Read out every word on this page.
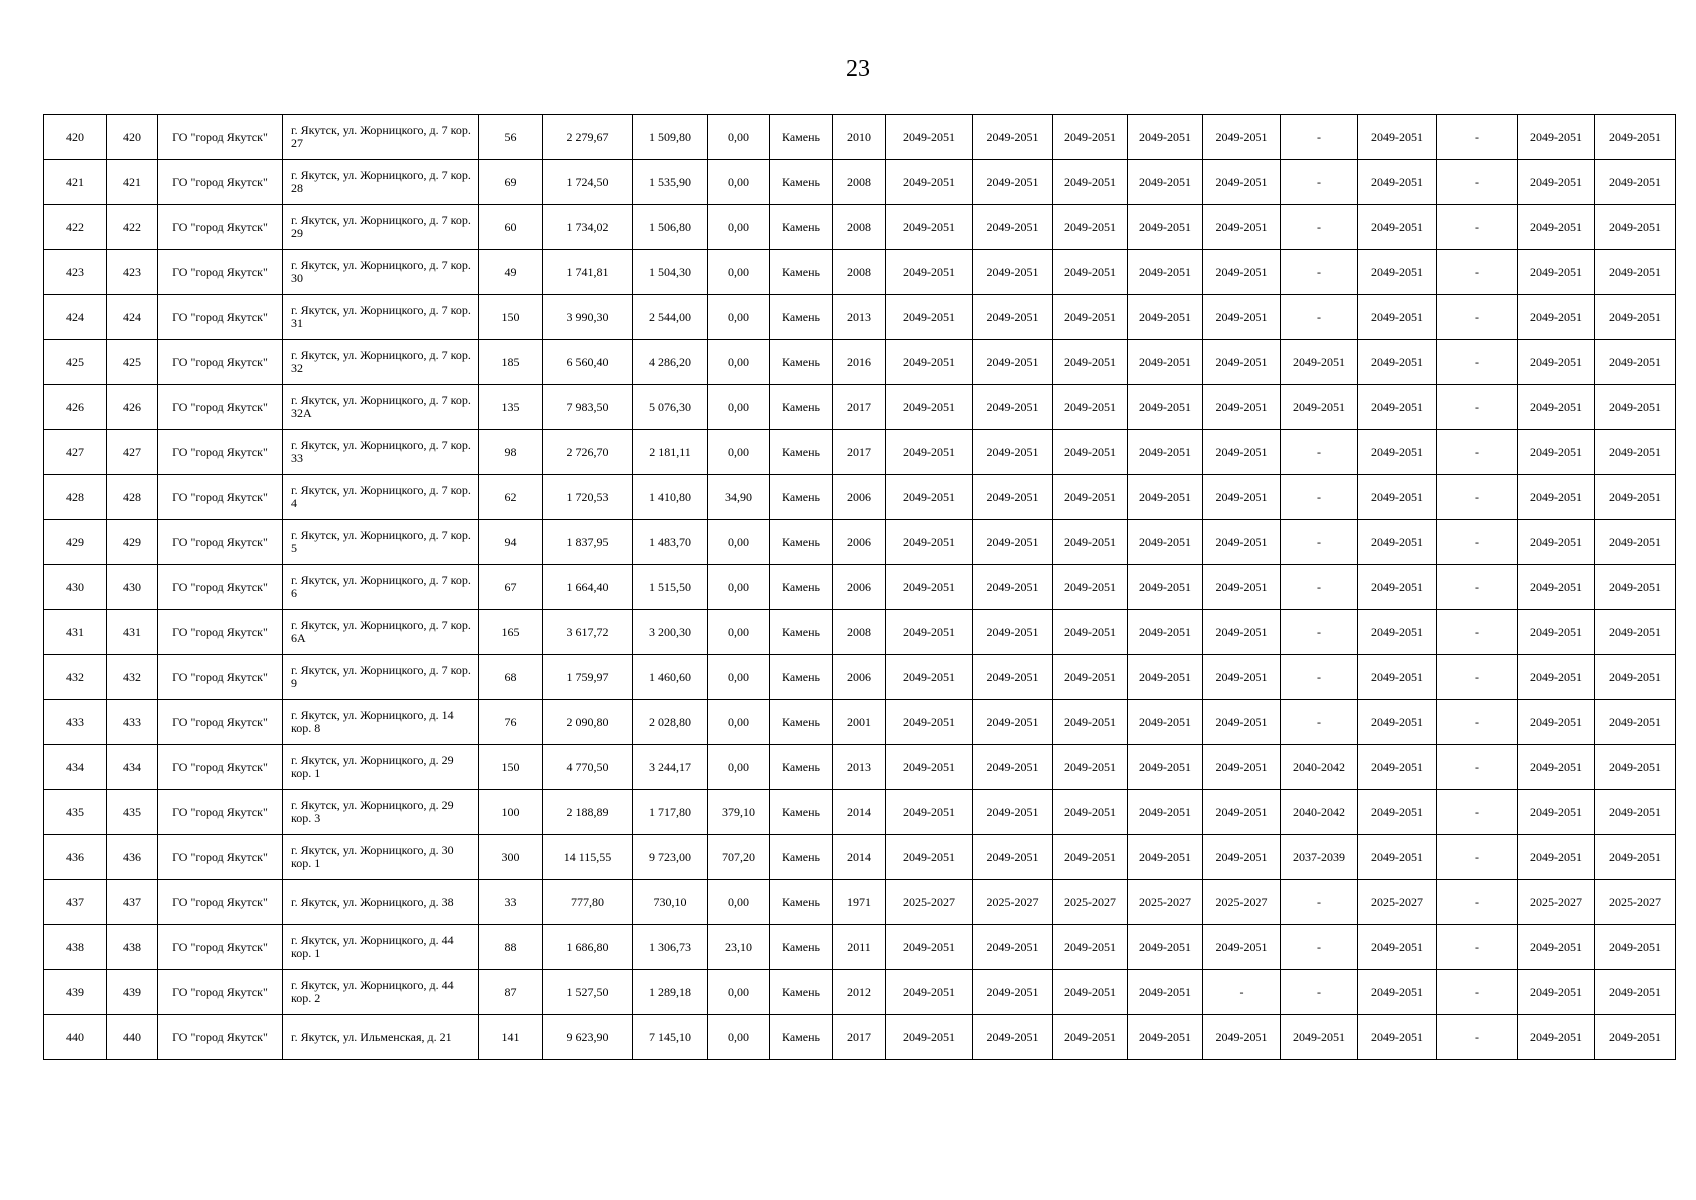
23
420	420	ГО "город Якутск"	г. Якутск, ул. Жорницкого, д. 7 кор. 27	56	2 279,67	1 509,80	0,00	Камень	2010	2049-2051	2049-2051	2049-2051	2049-2051	2049-2051	-	2049-2051	-	2049-2051	2049-2051
421	421	ГО "город Якутск"	г. Якутск, ул. Жорницкого, д. 7 кор. 28	69	1 724,50	1 535,90	0,00	Камень	2008	2049-2051	2049-2051	2049-2051	2049-2051	2049-2051	-	2049-2051	-	2049-2051	2049-2051
422	422	ГО "город Якутск"	г. Якутск, ул. Жорницкого, д. 7 кор. 29	60	1 734,02	1 506,80	0,00	Камень	2008	2049-2051	2049-2051	2049-2051	2049-2051	2049-2051	-	2049-2051	-	2049-2051	2049-2051
423	423	ГО "город Якутск"	г. Якутск, ул. Жорницкого, д. 7 кор. 30	49	1 741,81	1 504,30	0,00	Камень	2008	2049-2051	2049-2051	2049-2051	2049-2051	2049-2051	-	2049-2051	-	2049-2051	2049-2051
424	424	ГО "город Якутск"	г. Якутск, ул. Жорницкого, д. 7 кор. 31	150	3 990,30	2 544,00	0,00	Камень	2013	2049-2051	2049-2051	2049-2051	2049-2051	2049-2051	-	2049-2051	-	2049-2051	2049-2051
425	425	ГО "город Якутск"	г. Якутск, ул. Жорницкого, д. 7 кор. 32	185	6 560,40	4 286,20	0,00	Камень	2016	2049-2051	2049-2051	2049-2051	2049-2051	2049-2051	2049-2051	2049-2051	-	2049-2051	2049-2051
426	426	ГО "город Якутск"	г. Якутск, ул. Жорницкого, д. 7 кор. 32А	135	7 983,50	5 076,30	0,00	Камень	2017	2049-2051	2049-2051	2049-2051	2049-2051	2049-2051	2049-2051	2049-2051	-	2049-2051	2049-2051
427	427	ГО "город Якутск"	г. Якутск, ул. Жорницкого, д. 7 кор. 33	98	2 726,70	2 181,11	0,00	Камень	2017	2049-2051	2049-2051	2049-2051	2049-2051	2049-2051	-	2049-2051	-	2049-2051	2049-2051
428	428	ГО "город Якутск"	г. Якутск, ул. Жорницкого, д. 7 кор. 4	62	1 720,53	1 410,80	34,90	Камень	2006	2049-2051	2049-2051	2049-2051	2049-2051	2049-2051	-	2049-2051	-	2049-2051	2049-2051
429	429	ГО "город Якутск"	г. Якутск, ул. Жорницкого, д. 7 кор. 5	94	1 837,95	1 483,70	0,00	Камень	2006	2049-2051	2049-2051	2049-2051	2049-2051	2049-2051	-	2049-2051	-	2049-2051	2049-2051
430	430	ГО "город Якутск"	г. Якутск, ул. Жорницкого, д. 7 кор. 6	67	1 664,40	1 515,50	0,00	Камень	2006	2049-2051	2049-2051	2049-2051	2049-2051	2049-2051	-	2049-2051	-	2049-2051	2049-2051
431	431	ГО "город Якутск"	г. Якутск, ул. Жорницкого, д. 7 кор. 6А	165	3 617,72	3 200,30	0,00	Камень	2008	2049-2051	2049-2051	2049-2051	2049-2051	2049-2051	-	2049-2051	-	2049-2051	2049-2051
432	432	ГО "город Якутск"	г. Якутск, ул. Жорницкого, д. 7 кор. 9	68	1 759,97	1 460,60	0,00	Камень	2006	2049-2051	2049-2051	2049-2051	2049-2051	2049-2051	-	2049-2051	-	2049-2051	2049-2051
433	433	ГО "город Якутск"	г. Якутск, ул. Жорницкого, д. 14 кор. 8	76	2 090,80	2 028,80	0,00	Камень	2001	2049-2051	2049-2051	2049-2051	2049-2051	2049-2051	-	2049-2051	-	2049-2051	2049-2051
434	434	ГО "город Якутск"	г. Якутск, ул. Жорницкого, д. 29 кор. 1	150	4 770,50	3 244,17	0,00	Камень	2013	2049-2051	2049-2051	2049-2051	2049-2051	2049-2051	2040-2042	2049-2051	-	2049-2051	2049-2051
435	435	ГО "город Якутск"	г. Якутск, ул. Жорницкого, д. 29 кор. 3	100	2 188,89	1 717,80	379,10	Камень	2014	2049-2051	2049-2051	2049-2051	2049-2051	2049-2051	2040-2042	2049-2051	-	2049-2051	2049-2051
436	436	ГО "город Якутск"	г. Якутск, ул. Жорницкого, д. 30 кор. 1	300	14 115,55	9 723,00	707,20	Камень	2014	2049-2051	2049-2051	2049-2051	2049-2051	2049-2051	2037-2039	2049-2051	-	2049-2051	2049-2051
437	437	ГО "город Якутск"	г. Якутск, ул. Жорницкого, д. 38	33	777,80	730,10	0,00	Камень	1971	2025-2027	2025-2027	2025-2027	2025-2027	2025-2027	-	2025-2027	-	2025-2027	2025-2027
438	438	ГО "город Якутск"	г. Якутск, ул. Жорницкого, д. 44 кор. 1	88	1 686,80	1 306,73	23,10	Камень	2011	2049-2051	2049-2051	2049-2051	2049-2051	2049-2051	-	2049-2051	-	2049-2051	2049-2051
439	439	ГО "город Якутск"	г. Якутск, ул. Жорницкого, д. 44 кор. 2	87	1 527,50	1 289,18	0,00	Камень	2012	2049-2051	2049-2051	2049-2051	2049-2051	-	-	2049-2051	-	2049-2051	2049-2051
440	440	ГО "город Якутск"	г. Якутск, ул. Ильменская, д. 21	141	9 623,90	7 145,10	0,00	Камень	2017	2049-2051	2049-2051	2049-2051	2049-2051	2049-2051	2049-2051	2049-2051	-	2049-2051	2049-2051
